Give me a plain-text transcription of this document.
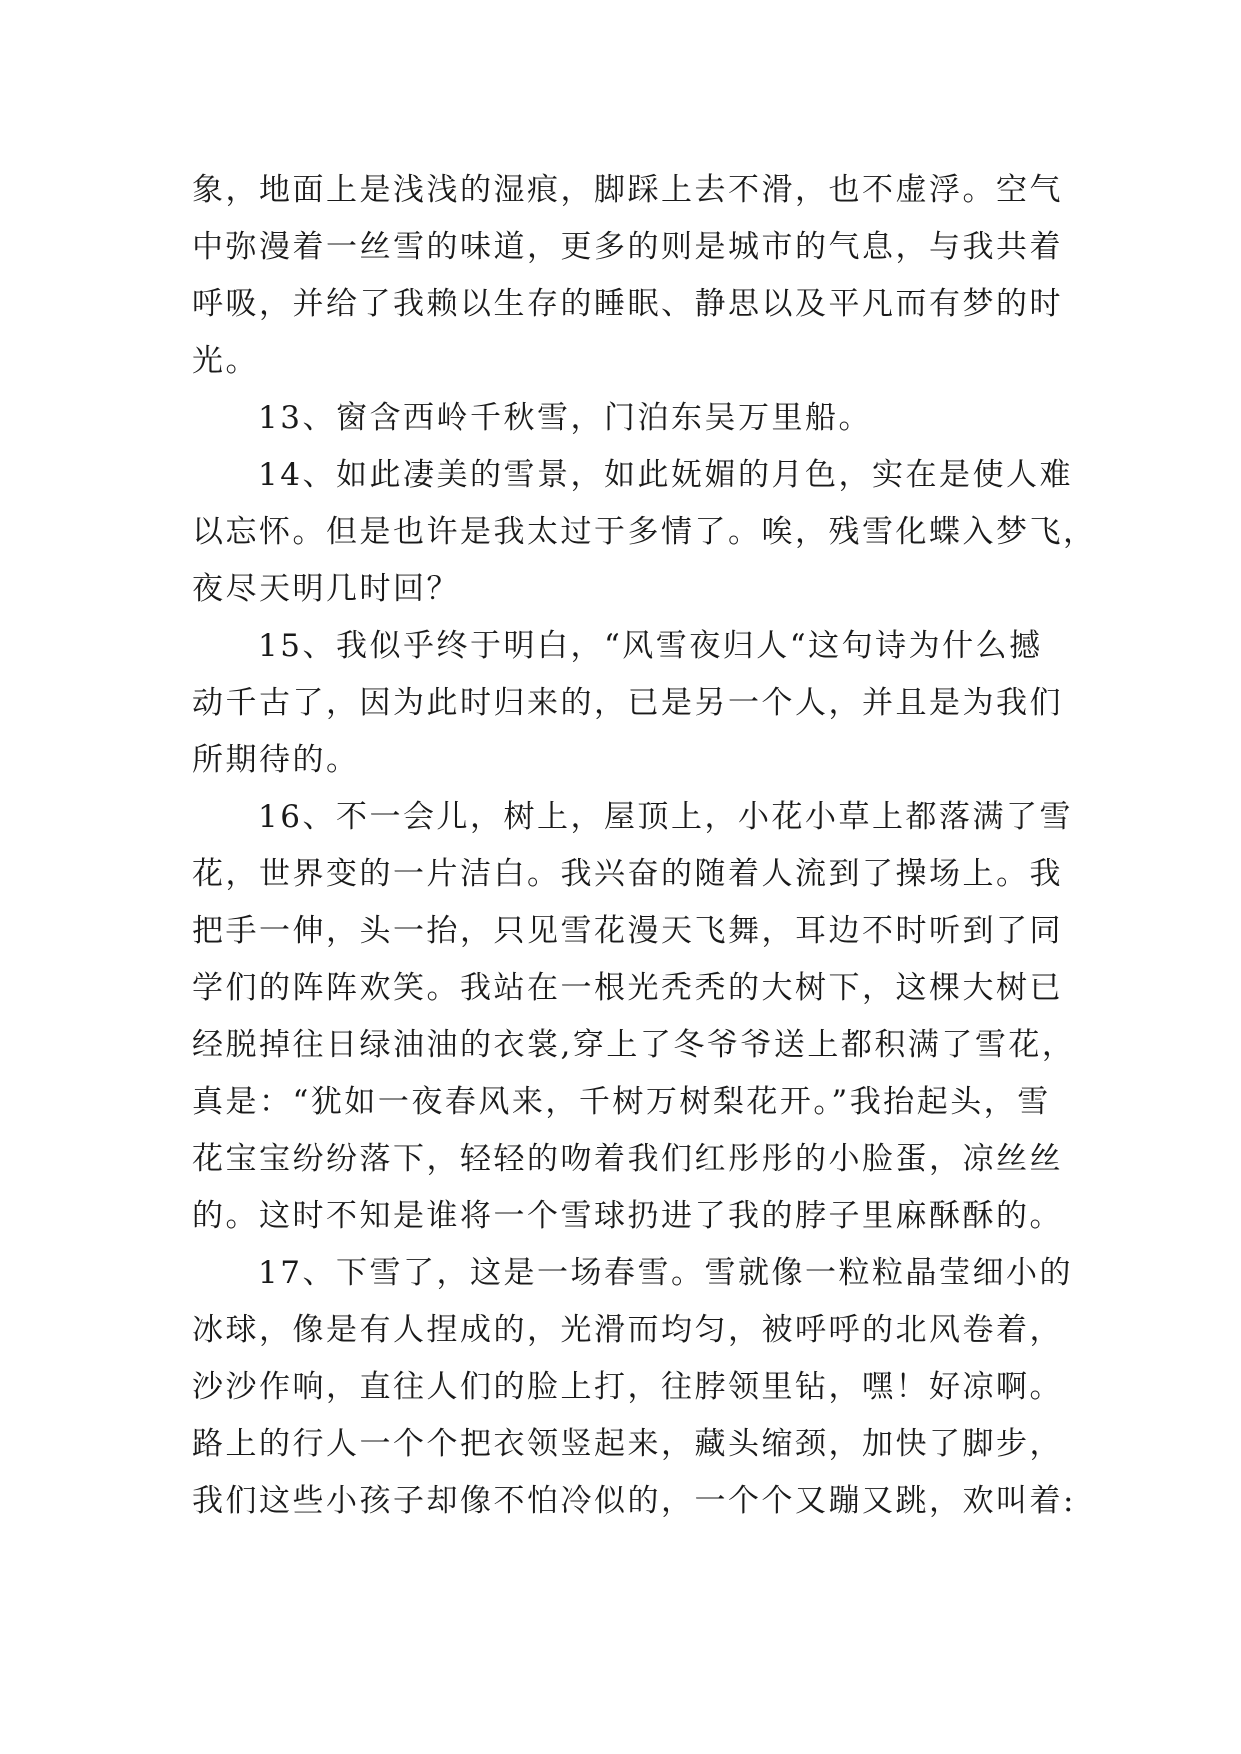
象，地面上是浅浅的湿痕，脚踩上去不滑，也不虚浮。空气
中弥漫着一丝雪的味道，更多的则是城市的气息，与我共着
呼吸，并给了我赖以生存的睡眠、静思以及平凡而有梦的时
光。

13、窗含西岭千秋雪，门泊东吴万里船。

14、如此凄美的雪景，如此妩媚的月色，实在是使人难
以忘怀。但是也许是我太过于多情了。唉，残雪化蝶入梦飞，
夜尽天明几时回？

15、我似乎终于明白，“风雪夜归人“这句诗为什么撼
动千古了，因为此时归来的，已是另一个人，并且是为我们
所期待的。

16、不一会儿，树上，屋顶上，小花小草上都落满了雪
花，世界变的一片洁白。我兴奋的随着人流到了操场上。我
把手一伸，头一抬，只见雪花漫天飞舞，耳边不时听到了同
学们的阵阵欢笑。我站在一根光秃秃的大树下，这棵大树已
经脱掉往日绿油油的衣裳,穿上了冬爷爷送上都积满了雪花，
真是：“犹如一夜春风来，千树万树梨花开。”我抬起头，雪
花宝宝纷纷落下，轻轻的吻着我们红彤彤的小脸蛋，凉丝丝
的。这时不知是谁将一个雪球扔进了我的脖子里麻酥酥的。

17、下雪了，这是一场春雪。雪就像一粒粒晶莹细小的
冰球，像是有人捏成的，光滑而均匀，被呼呼的北风卷着，
沙沙作响，直往人们的脸上打，往脖领里钻，嘿！好凉啊。
路上的行人一个个把衣领竖起来，藏头缩颈，加快了脚步，
我们这些小孩子却像不怕冷似的，一个个又蹦又跳，欢叫着:
